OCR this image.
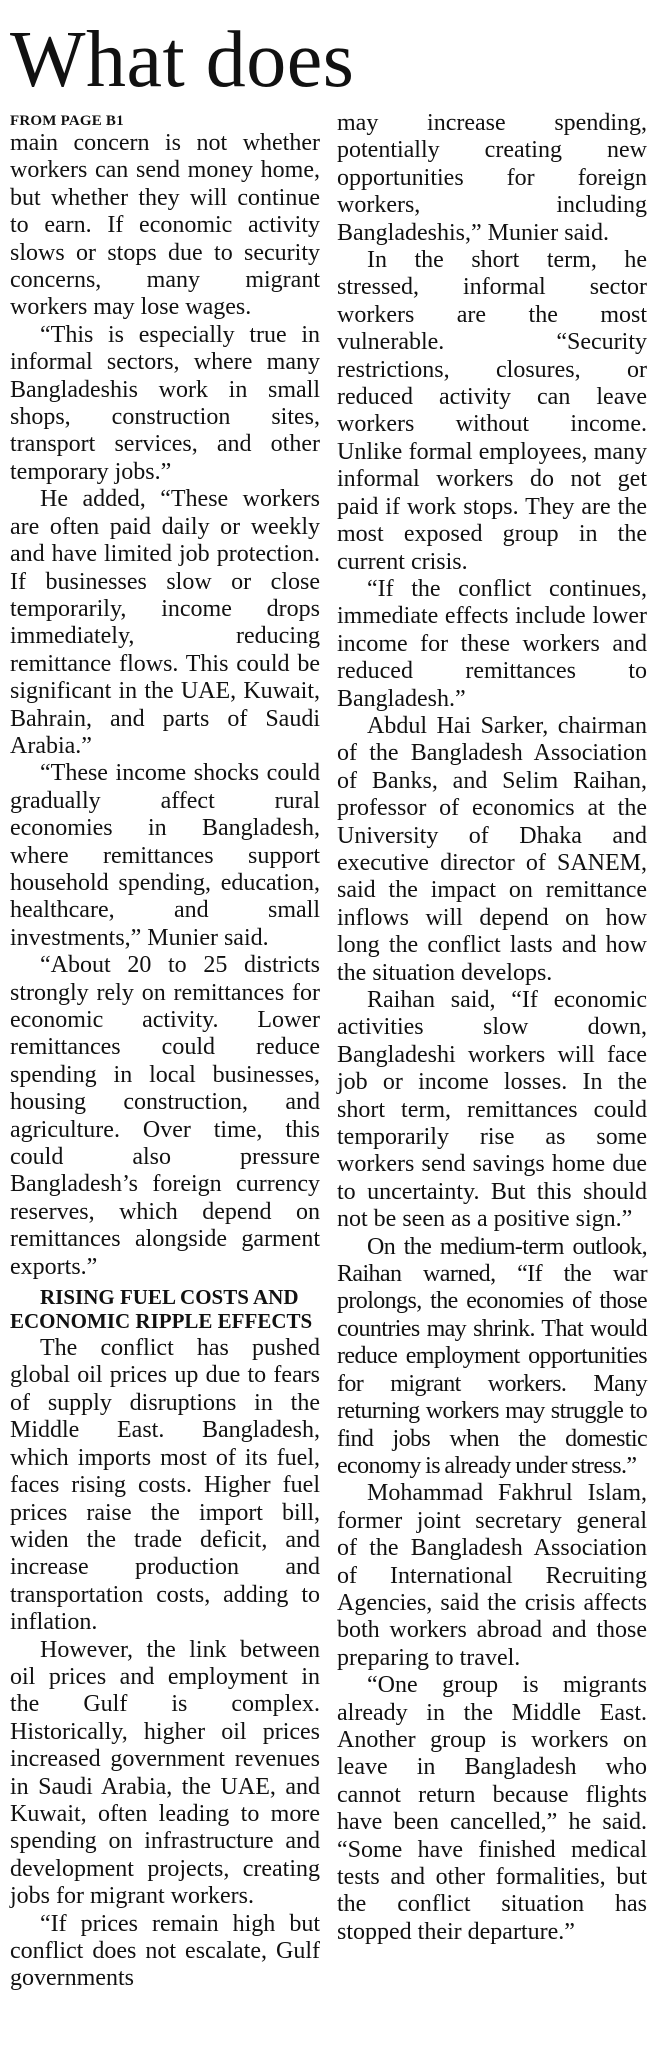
What does
FROM PAGE B1

main concern is not whether workers can send money home, but whether they will continue to earn. If economic activity slows or stops due to security concerns, many migrant workers may lose wages.

“This is especially true in informal sectors, where many Bangladeshis work in small shops, construction sites, transport services, and other temporary jobs.”

He added, “These workers are often paid daily or weekly and have limited job protection. If businesses slow or close temporarily, income drops immediately, reducing remittance flows. This could be significant in the UAE, Kuwait, Bahrain, and parts of Saudi Arabia.”

“These income shocks could gradually affect rural economies in Bangladesh, where remittances support household spending, education, healthcare, and small investments,” Munier said.

“About 20 to 25 districts strongly rely on remittances for economic activity. Lower remittances could reduce spending in local businesses, housing construction, and agriculture. Over time, this could also pressure Bangladesh’s foreign currency reserves, which depend on remittances alongside garment exports.”

RISING FUEL COSTS AND ECONOMIC RIPPLE EFFECTS

The conflict has pushed global oil prices up due to fears of supply disruptions in the Middle East. Bangladesh, which imports most of its fuel, faces rising costs. Higher fuel prices raise the import bill, widen the trade deficit, and increase production and transportation costs, adding to inflation.

However, the link between oil prices and employment in the Gulf is complex. Historically, higher oil prices increased government revenues in Saudi Arabia, the UAE, and Kuwait, often leading to more spending on infrastructure and development projects, creating jobs for migrant workers.

“If prices remain high but conflict does not escalate, Gulf governments

may increase spending, potentially creating new opportunities for foreign workers, including Bangladeshis,” Munier said.

In the short term, he stressed, informal sector workers are the most vulnerable. “Security restrictions, closures, or reduced activity can leave workers without income. Unlike formal employees, many informal workers do not get paid if work stops. They are the most exposed group in the current crisis.

“If the conflict continues, immediate effects include lower income for these workers and reduced remittances to Bangladesh.”

Abdul Hai Sarker, chairman of the Bangladesh Association of Banks, and Selim Raihan, professor of economics at the University of Dhaka and executive director of SANEM, said the impact on remittance inflows will depend on how long the conflict lasts and how the situation develops.

Raihan said, “If economic activities slow down, Bangladeshi workers will face job or income losses. In the short term, remittances could temporarily rise as some workers send savings home due to uncertainty. But this should not be seen as a positive sign.”

On the medium-term outlook, Raihan warned, “If the war prolongs, the economies of those countries may shrink. That would reduce employment opportunities for migrant workers. Many returning workers may struggle to find jobs when the domestic economy is already under stress.”

Mohammad Fakhrul Islam, former joint secretary general of the Bangladesh Association of International Recruiting Agencies, said the crisis affects both workers abroad and those preparing to travel.

“One group is migrants already in the Middle East. Another group is workers on leave in Bangladesh who cannot return because flights have been cancelled,” he said. “Some have finished medical tests and other formalities, but the conflict situation has stopped their departure.”
